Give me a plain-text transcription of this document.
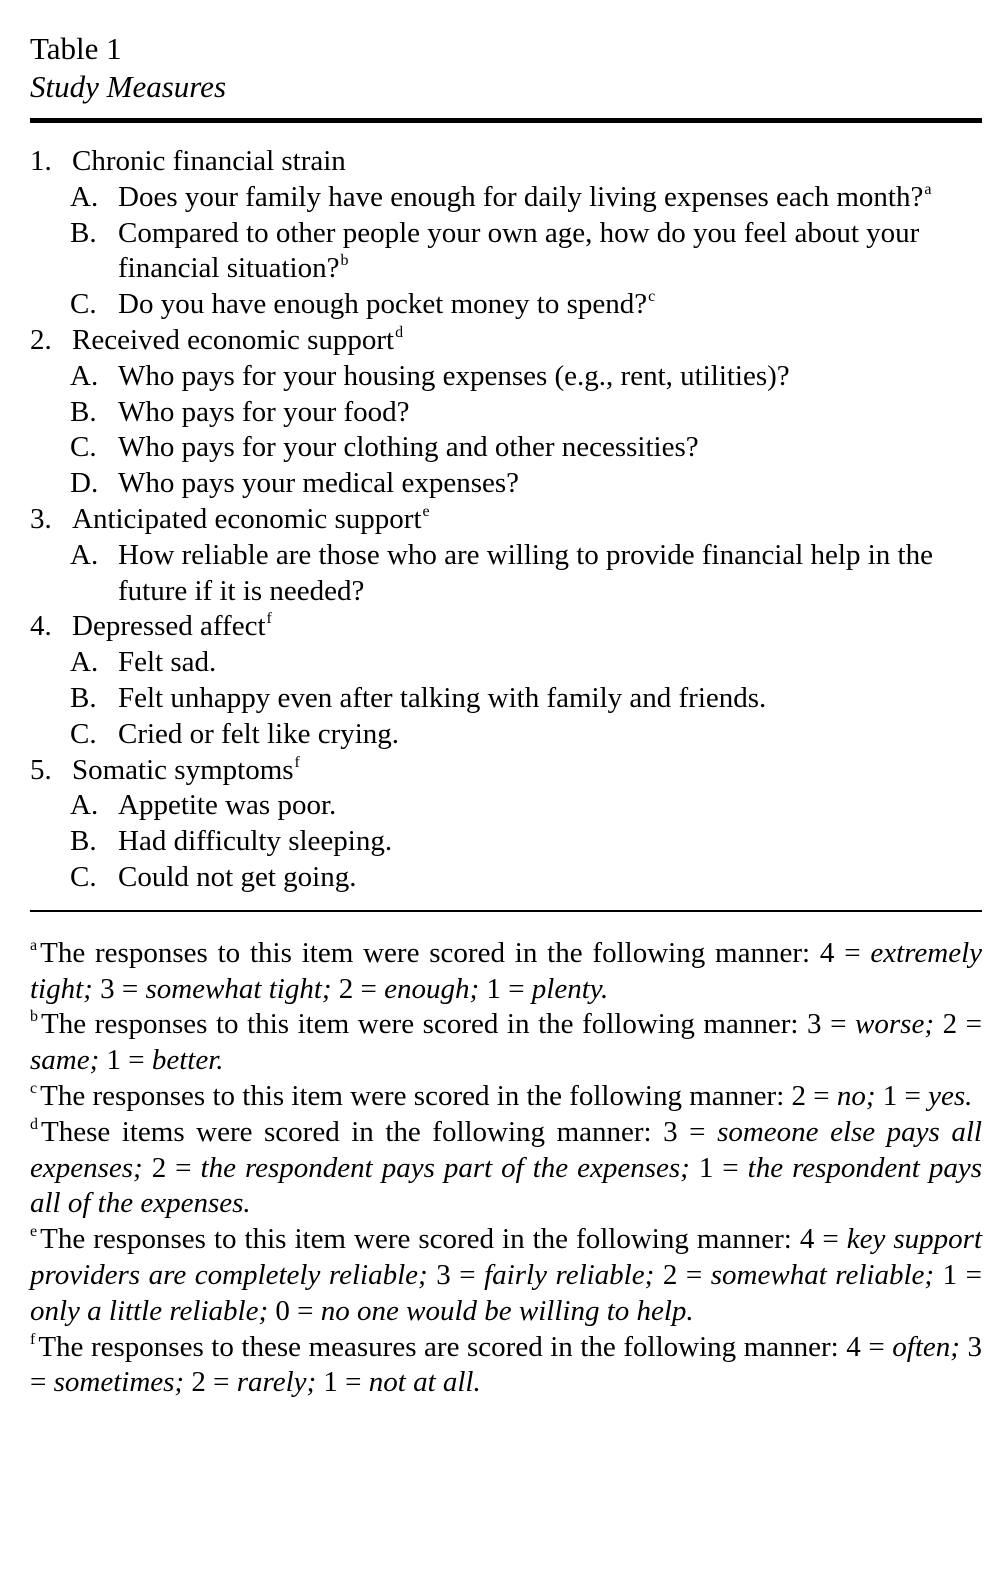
Table 1
Study Measures
1. Chronic financial strain
A. Does your family have enough for daily living expenses each month?$^a$
B. Compared to other people your own age, how do you feel about your financial situation?$^b$
C. Do you have enough pocket money to spend?$^c$
2. Received economic support$^d$
A. Who pays for your housing expenses (e.g., rent, utilities)?
B. Who pays for your food?
C. Who pays for your clothing and other necessities?
D. Who pays your medical expenses?
3. Anticipated economic support$^e$
A. How reliable are those who are willing to provide financial help in the future if it is needed?
4. Depressed affect$^f$
A. Felt sad.
B. Felt unhappy even after talking with family and friends.
C. Cried or felt like crying.
5. Somatic symptoms$^f$
A. Appetite was poor.
B. Had difficulty sleeping.
C. Could not get going.
$^a$ The responses to this item were scored in the following manner: 4 = extremely tight; 3 = somewhat tight; 2 = enough; 1 = plenty.
$^b$ The responses to this item were scored in the following manner: 3 = worse; 2 = same; 1 = better.
$^c$ The responses to this item were scored in the following manner: 2 = no; 1 = yes.
$^d$ These items were scored in the following manner: 3 = someone else pays all expenses; 2 = the respondent pays part of the expenses; 1 = the respondent pays all of the expenses.
$^e$ The responses to this item were scored in the following manner: 4 = key support providers are completely reliable; 3 = fairly reliable; 2 = somewhat reliable; 1 = only a little reliable; 0 = no one would be willing to help.
$^f$ The responses to these measures are scored in the following manner: 4 = often; 3 = sometimes; 2 = rarely; 1 = not at all.
